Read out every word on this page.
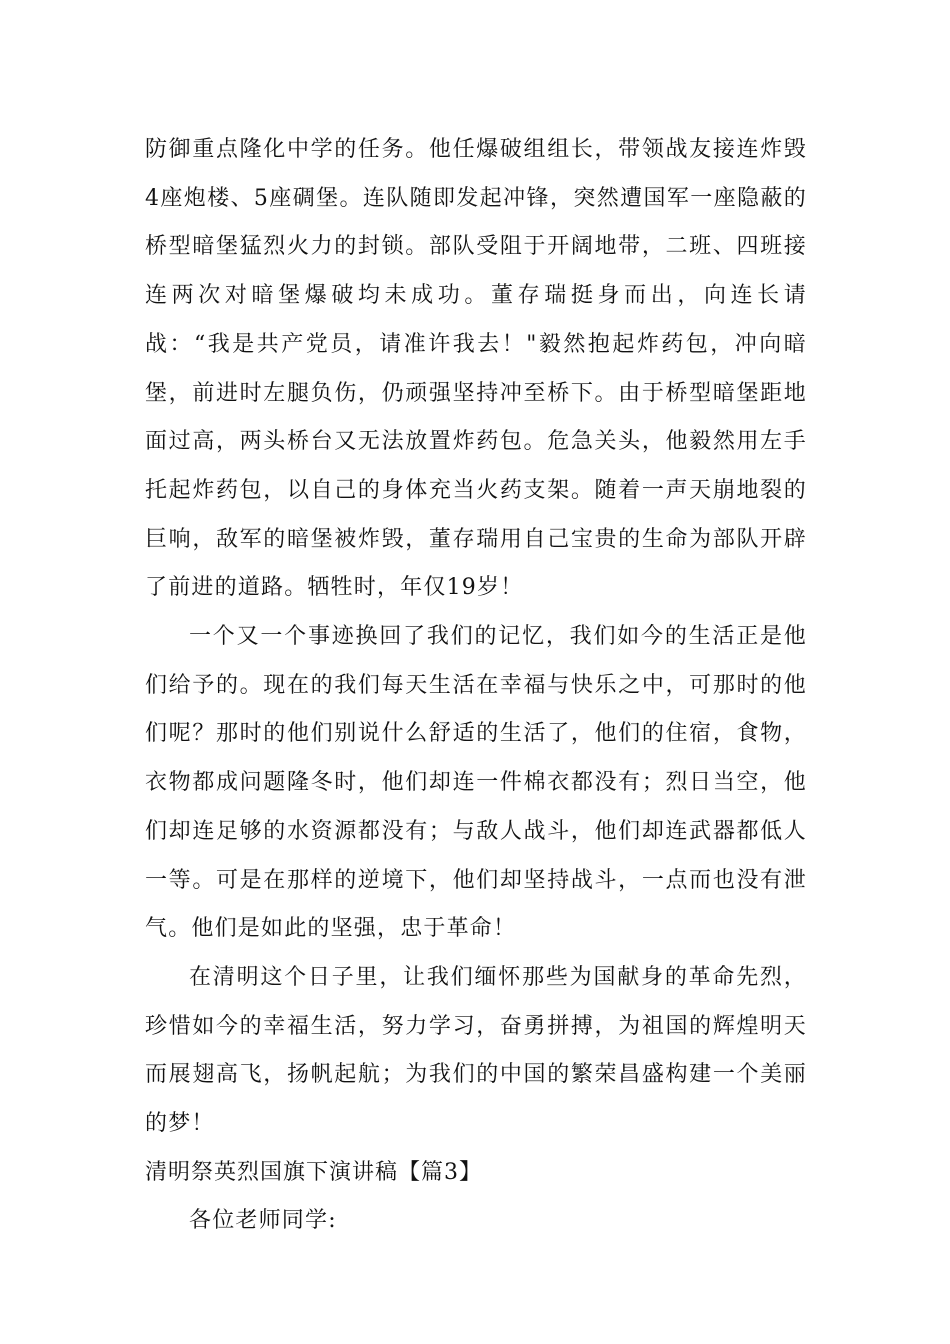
防御重点隆化中学的任务。他任爆破组组长，带领战友接连炸毁4座炮楼、5座碉堡。连队随即发起冲锋，突然遭国军一座隐蔽的桥型暗堡猛烈火力的封锁。部队受阻于开阔地带，二班、四班接连两次对暗堡爆破均未成功。董存瑞挺身而出，向连长请战：“我是共产党员，请准许我去！"毅然抱起炸药包，冲向暗堡，前进时左腿负伤，仍顽强坚持冲至桥下。由于桥型暗堡距地面过高，两头桥台又无法放置炸药包。危急关头，他毅然用左手托起炸药包，以自己的身体充当火药支架。随着一声天崩地裂的巨响，敌军的暗堡被炸毁，董存瑞用自己宝贵的生命为部队开辟了前进的道路。牺牲时，年仅19岁！

一个又一个事迹换回了我们的记忆，我们如今的生活正是他们给予的。现在的我们每天生活在幸福与快乐之中，可那时的他们呢？那时的他们别说什么舒适的生活了，他们的住宿，食物，衣物都成问题隆冬时，他们却连一件棉衣都没有；烈日当空，他们却连足够的水资源都没有；与敌人战斗，他们却连武器都低人一等。可是在那样的逆境下，他们却坚持战斗，一点而也没有泄气。他们是如此的坚强，忠于革命！

在清明这个日子里，让我们缅怀那些为国献身的革命先烈，珍惜如今的幸福生活，努力学习，奋勇拼搏，为祖国的辉煌明天而展翅高飞，扬帆起航；为我们的中国的繁荣昌盛构建一个美丽的梦！

清明祭英烈国旗下演讲稿【篇3】

各位老师同学:
